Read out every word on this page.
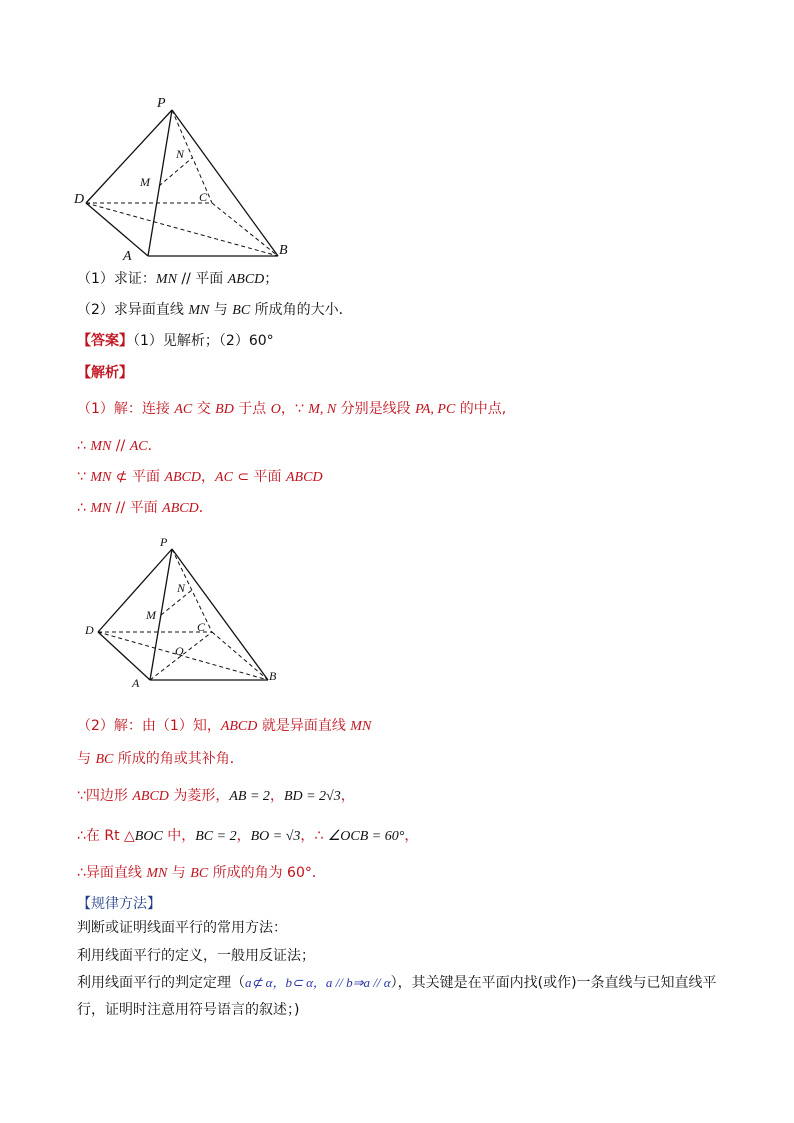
P
N
M
D	C
A	B
（1）求证：MN // 平面 ABCD；
（2）求异面直线 MN 与 BC 所成角的大小．
【答案】（1）见解析；（2）60°
【解析】
（1）解：连接 AC 交 BD 于点 O，∵ M, N 分别是线段 PA, PC 的中点,
∴ MN // AC．
∵ MN ⊄ 平面 ABCD，AC ⊂ 平面 ABCD
∴ MN // 平面 ABCD．
P
N
M
D	C
O
A	B
（2）解：由（1）知，ABCD 就是异面直线 MN
与 BC 所成的角或其补角．
∵四边形 ABCD 为菱形，AB = 2，BD = 2√3，
∴在 Rt △BOC 中，BC = 2，BO = √3，∴ ∠OCB = 60°，
∴异面直线 MN 与 BC 所成的角为 60°．
【规律方法】
判断或证明线面平行的常用方法：
利用线面平行的定义，一般用反证法；
利用线面平行的判定定理（a⊄ α，b⊂ α，a // b⇒a // α），其关键是在平面内找(或作)一条直线与已知直线平
行，证明时注意用符号语言的叙述；)
